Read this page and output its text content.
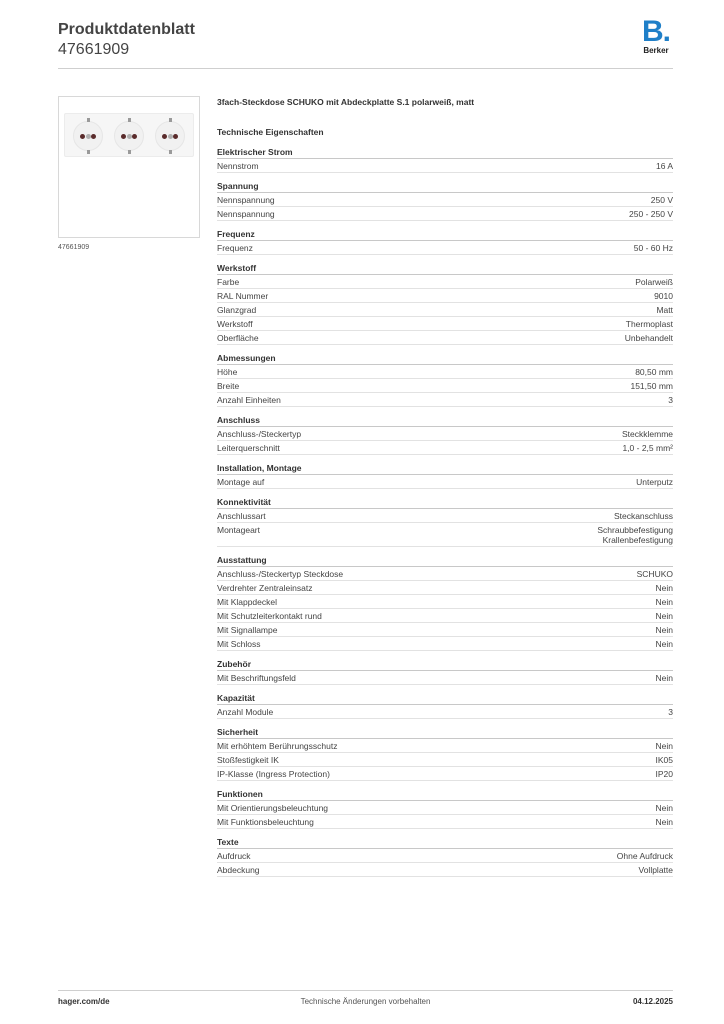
Produktdatenblatt
47661909
B.
Berker
47661909
3fach-Steckdose SCHUKO mit Abdeckplatte S.1 polarweiß, matt
Technische Eigenschaften
Elektrischer Strom
Nennstrom	16 A
Spannung
Nennspannung	250 V
Nennspannung	250 - 250 V
Frequenz
Frequenz	50 - 60 Hz
Werkstoff
Farbe	Polarweiß
RAL Nummer	9010
Glanzgrad	Matt
Werkstoff	Thermoplast
Oberfläche	Unbehandelt
Abmessungen
Höhe	80,50 mm
Breite	151,50 mm
Anzahl Einheiten	3
Anschluss
Anschluss-/Steckertyp	Steckklemme
Leiterquerschnitt	1,0 - 2,5 mm²
Installation, Montage
Montage auf	Unterputz
Konnektivität
Anschlussart	Steckanschluss
Montageart	Schraubbefestigung
Krallenbefestigung
Ausstattung
Anschluss-/Steckertyp Steckdose	SCHUKO
Verdrehter Zentraleinsatz	Nein
Mit Klappdeckel	Nein
Mit Schutzleiterkontakt rund	Nein
Mit Signallampe	Nein
Mit Schloss	Nein
Zubehör
Mit Beschriftungsfeld	Nein
Kapazität
Anzahl Module	3
Sicherheit
Mit erhöhtem Berührungsschutz	Nein
Stoßfestigkeit IK	IK05
IP-Klasse (Ingress Protection)	IP20
Funktionen
Mit Orientierungsbeleuchtung	Nein
Mit Funktionsbeleuchtung	Nein
Texte
Aufdruck	Ohne Aufdruck
Abdeckung	Vollplatte
hager.com/de	Technische Änderungen vorbehalten	04.12.2025
